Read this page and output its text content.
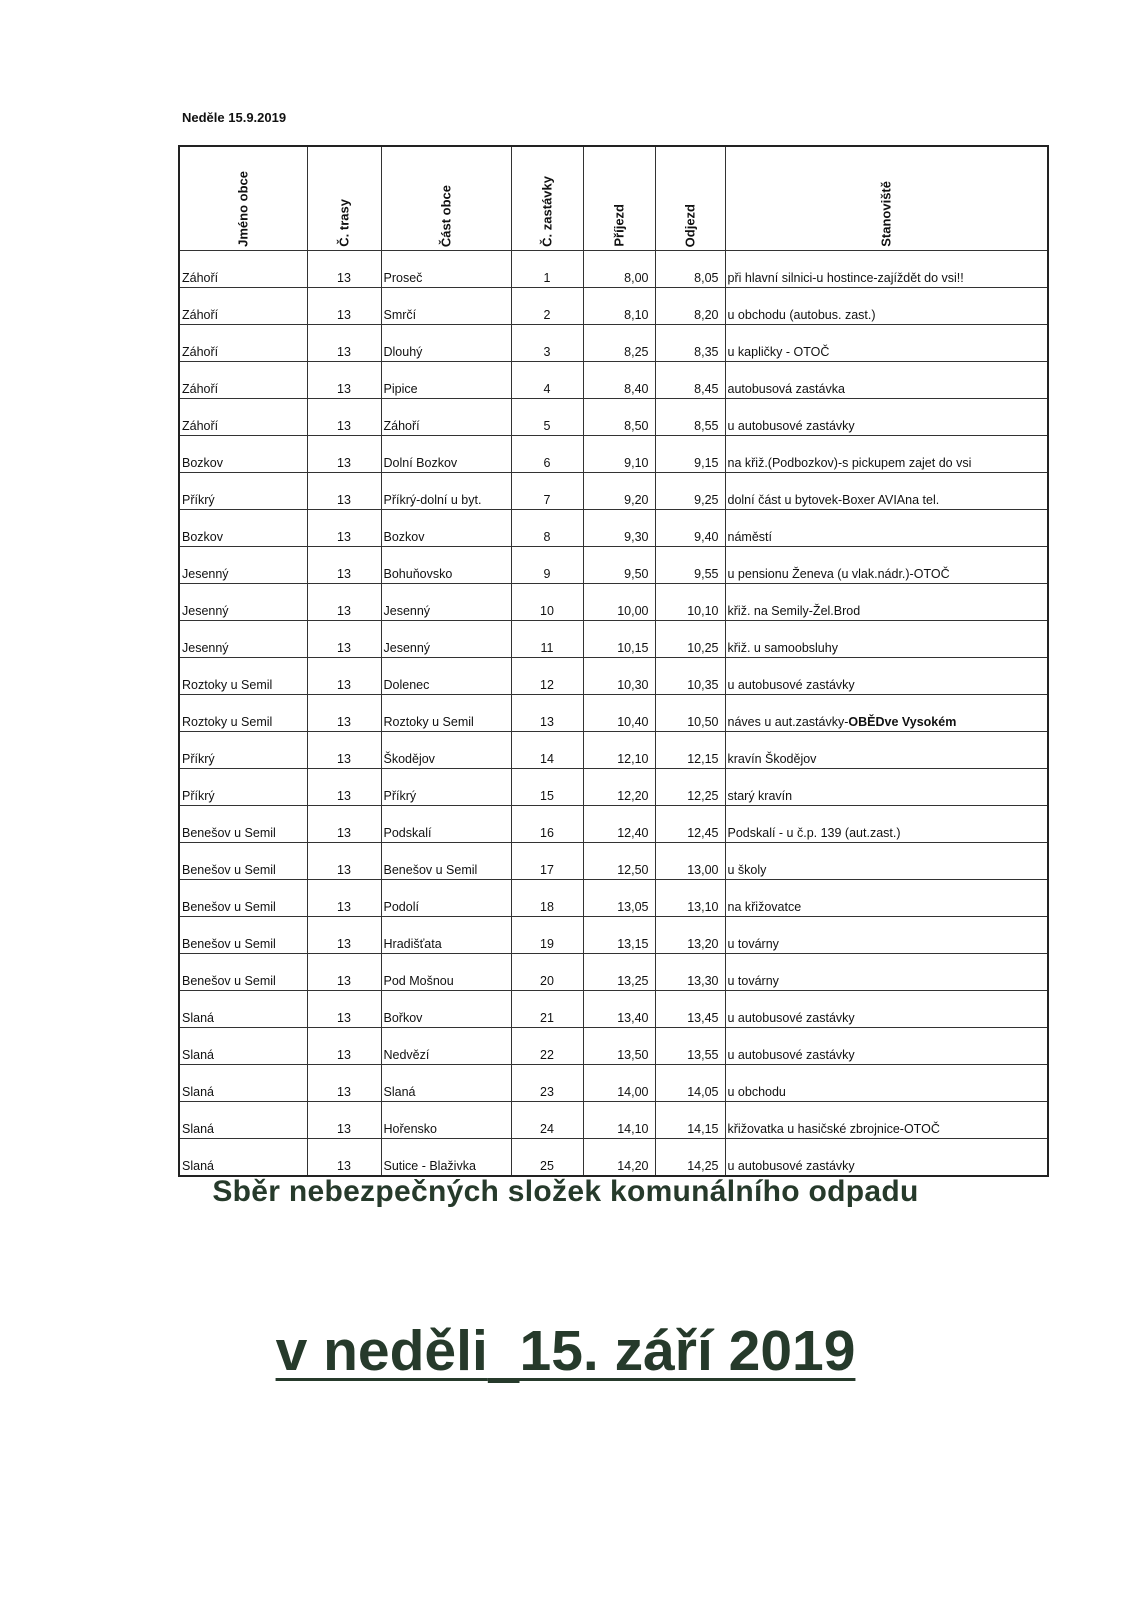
Neděle 15.9.2019
Jméno obce	Č. trasy	Část obce	Č. zastávky	Příjezd	Odjezd	Stanoviště

Záhoří	13	Proseč	1	8,00	8,05	při hlavní silnici-u hostince-zajíždět do vsi!!
Záhoří	13	Smrčí	2	8,10	8,20	u obchodu (autobus. zast.)
Záhoří	13	Dlouhý	3	8,25	8,35	u kapličky - OTOČ
Záhoří	13	Pipice	4	8,40	8,45	autobusová zastávka
Záhoří	13	Záhoří	5	8,50	8,55	u autobusové zastávky
Bozkov	13	Dolní Bozkov	6	9,10	9,15	na křiž.(Podbozkov)-s pickupem zajet do vsi
Příkrý	13	Příkrý-dolní u byt.	7	9,20	9,25	dolní část u bytovek-Boxer AVIAna tel.
Bozkov	13	Bozkov	8	9,30	9,40	náměstí
Jesenný	13	Bohuňovsko	9	9,50	9,55	u pensionu Ženeva (u vlak.nádr.)-OTOČ
Jesenný	13	Jesenný	10	10,00	10,10	křiž. na Semily-Žel.Brod
Jesenný	13	Jesenný	11	10,15	10,25	křiž. u samoobsluhy
Roztoky u Semil	13	Dolenec	12	10,30	10,35	u autobusové zastávky
Roztoky u Semil	13	Roztoky u Semil	13	10,40	10,50	náves u aut.zastávky-OBĚDve Vysokém
Příkrý	13	Škodějov	14	12,10	12,15	kravín Škodějov
Příkrý	13	Příkrý	15	12,20	12,25	starý kravín
Benešov u Semil	13	Podskalí	16	12,40	12,45	Podskalí - u č.p. 139 (aut.zast.)
Benešov u Semil	13	Benešov u Semil	17	12,50	13,00	u školy
Benešov u Semil	13	Podolí	18	13,05	13,10	na křižovatce
Benešov u Semil	13	Hradišťata	19	13,15	13,20	u továrny
Benešov u Semil	13	Pod Mošnou	20	13,25	13,30	u továrny
Slaná	13	Bořkov	21	13,40	13,45	u autobusové zastávky
Slaná	13	Nedvězí	22	13,50	13,55	u autobusové zastávky
Slaná	13	Slaná	23	14,00	14,05	u obchodu
Slaná	13	Hořensko	24	14,10	14,15	křižovatka u hasičské zbrojnice-OTOČ
Slaná	13	Sutice - Blaživka	25	14,20	14,25	u autobusové zastávky
Sběr nebezpečných složek komunálního odpadu
v neděli 15. září 2019
